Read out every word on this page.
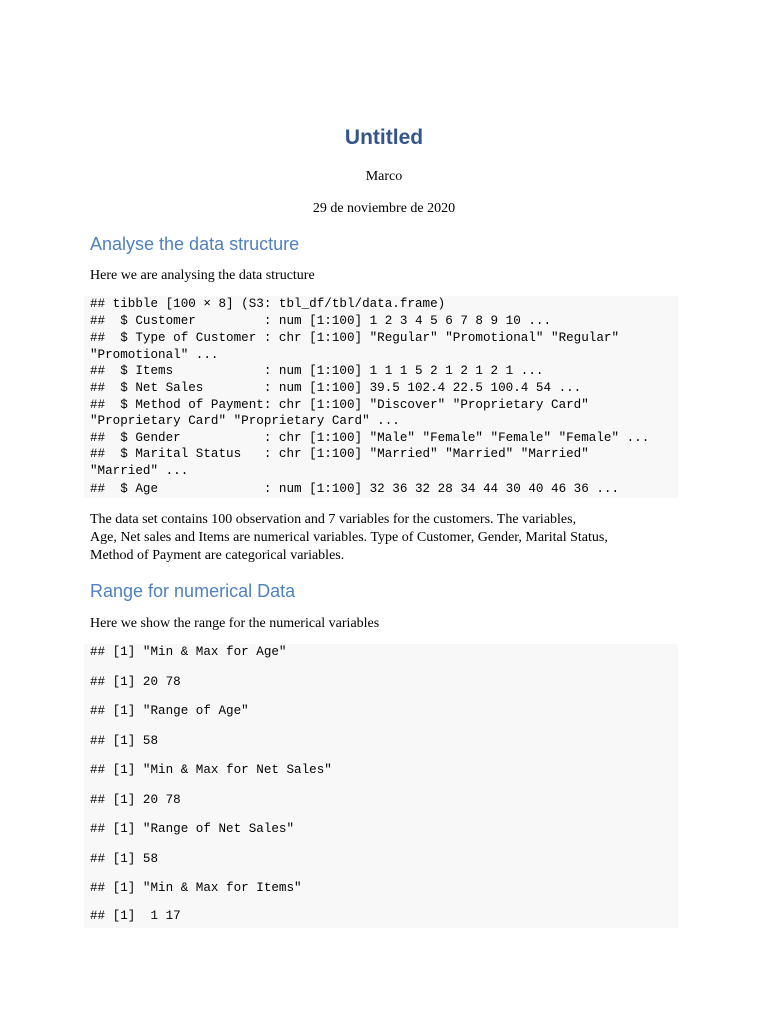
Untitled

Marco

29 de noviembre de 2020

Analyse the data structure

Here we are analysing the data structure

## tibble [100 × 8] (S3: tbl_df/tbl/data.frame)
##  $ Customer         : num [1:100] 1 2 3 4 5 6 7 8 9 10 ...
##  $ Type of Customer : chr [1:100] "Regular" "Promotional" "Regular"
"Promotional" ...
##  $ Items            : num [1:100] 1 1 1 5 2 1 2 1 2 1 ...
##  $ Net Sales        : num [1:100] 39.5 102.4 22.5 100.4 54 ...
##  $ Method of Payment: chr [1:100] "Discover" "Proprietary Card"
"Proprietary Card" "Proprietary Card" ...
##  $ Gender           : chr [1:100] "Male" "Female" "Female" "Female" ...
##  $ Marital Status   : chr [1:100] "Married" "Married" "Married"
"Married" ...
##  $ Age              : num [1:100] 32 36 32 28 34 44 30 40 46 36 ...

The data set contains 100 observation and 7 variables for the customers. The variables,

Age, Net sales and Items are numerical variables. Type of Customer, Gender, Marital Status,

Method of Payment are categorical variables.

Range for numerical Data

Here we show the range for the numerical variables

## [1] "Min & Max for Age"
## [1] 20 78
## [1] "Range of Age"
## [1] 58
## [1] "Min & Max for Net Sales"
## [1] 20 78
## [1] "Range of Net Sales"
## [1] 58
## [1] "Min & Max for Items"
## [1]  1 17
